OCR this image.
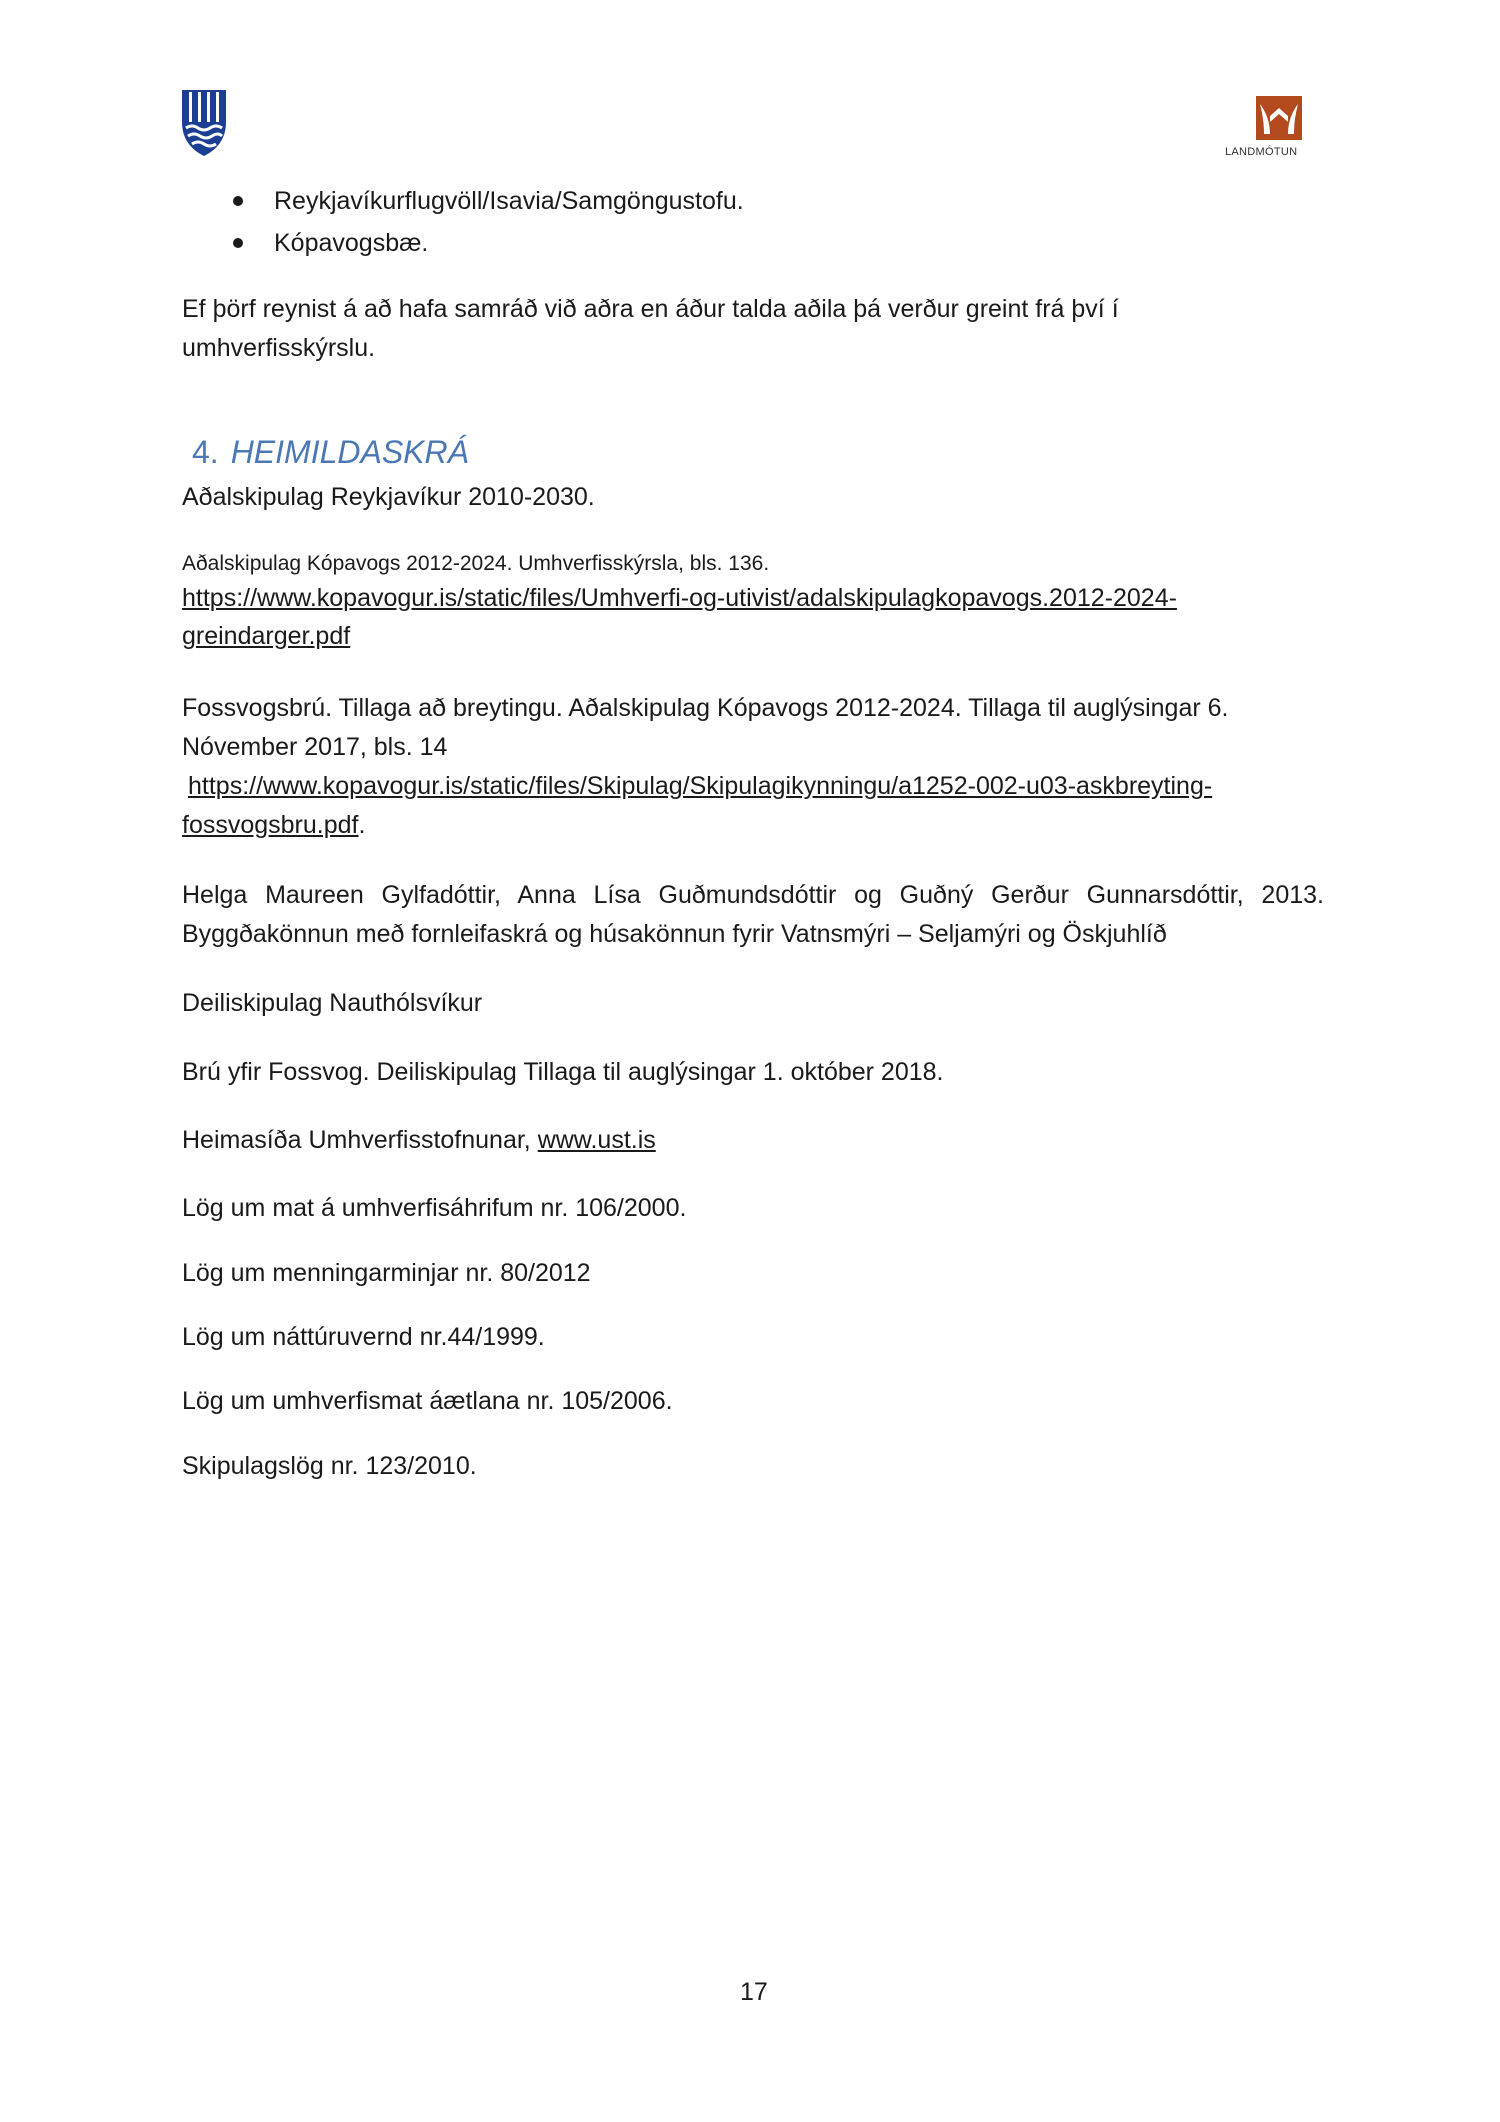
LANDMÓTUN
Reykjavíkurflugvöll/Isavia/Samgöngustofu.
Kópavogsbæ.
Ef þörf reynist á að hafa samráð við aðra en áður talda aðila þá verður greint frá því í
umhverfisskýrslu.
4. HEIMILDASKRÁ
Aðalskipulag Reykjavíkur 2010-2030.
Aðalskipulag Kópavogs 2012-2024. Umhverfisskýrsla, bls. 136.
https://www.kopavogur.is/static/files/Umhverfi-og-utivist/adalskipulagkopavogs.2012-2024-
greindarger.pdf
Fossvogsbrú. Tillaga að breytingu. Aðalskipulag Kópavogs 2012-2024. Tillaga til auglýsingar 6.
Nóvember 2017, bls. 14
https://www.kopavogur.is/static/files/Skipulag/Skipulagikynningu/a1252-002-u03-askbreyting-
fossvogsbru.pdf.
Helga Maureen Gylfadóttir, Anna Lísa Guðmundsdóttir og Guðný Gerður Gunnarsdóttir, 2013. Byggðakönnun með fornleifaskrá og húsakönnun fyrir Vatnsmýri – Seljamýri og Öskjuhlíð
Deiliskipulag Nauthólsvíkur
Brú yfir Fossvog. Deiliskipulag Tillaga til auglýsingar 1. október 2018.
Heimasíða Umhverfisstofnunar, www.ust.is
Lög um mat á umhverfisáhrifum nr. 106/2000.
Lög um menningarminjar nr. 80/2012
Lög um náttúruvernd nr.44/1999.
Lög um umhverfismat áætlana nr. 105/2006.
Skipulagslög nr. 123/2010.
17
